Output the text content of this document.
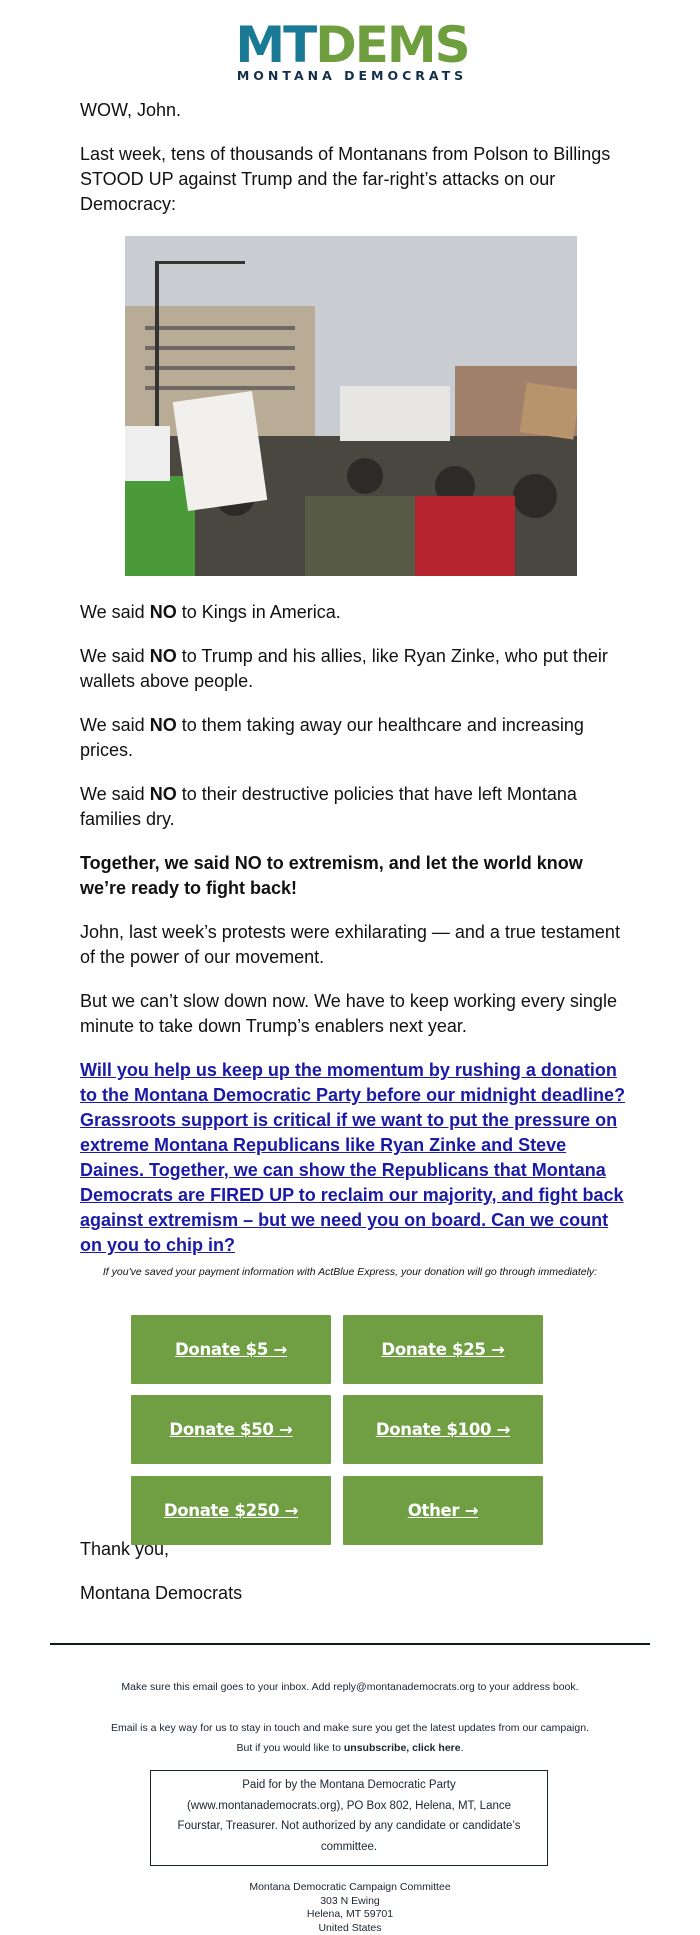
MTDEMS
MONTANA DEMOCRATS

WOW, John.

Last week, tens of thousands of Montanans from Polson to Billings STOOD UP against Trump and the far-right’s attacks on our Democracy:

We said NO to Kings in America.

We said NO to Trump and his allies, like Ryan Zinke, who put their wallets above people.

We said NO to them taking away our healthcare and increasing prices.

We said NO to their destructive policies that have left Montana families dry.

Together, we said NO to extremism, and let the world know we’re ready to fight back!

John, last week’s protests were exhilarating — and a true testament of the power of our movement.

But we can’t slow down now. We have to keep working every single minute to take down Trump’s enablers next year.

Will you help us keep up the momentum by rushing a donation to the Montana Democratic Party before our midnight deadline? Grassroots support is critical if we want to put the pressure on extreme Montana Republicans like Ryan Zinke and Steve Daines. Together, we can show the Republicans that Montana Democrats are FIRED UP to reclaim our majority, and fight back against extremism – but we need you on board. Can we count on you to chip in?
If you've saved your payment information with ActBlue Express, your donation will go through immediately:
Donate $5 →	Donate $25 →
Donate $50 →	Donate $100 →
Donate $250 →	Other →

Thank you,

Montana Democrats

Make sure this email goes to your inbox. Add reply@montanademocrats.org to your address book.
Email is a key way for us to stay in touch and make sure you get the latest updates from our campaign.
But if you would like to unsubscribe, click here.
Paid for by the Montana Democratic Party (www.montanademocrats.org), PO Box 802, Helena, MT, Lance Fourstar, Treasurer. Not authorized by any candidate or candidate’s committee.
Montana Democratic Campaign Committee
303 N Ewing
Helena, MT 59701
United States
